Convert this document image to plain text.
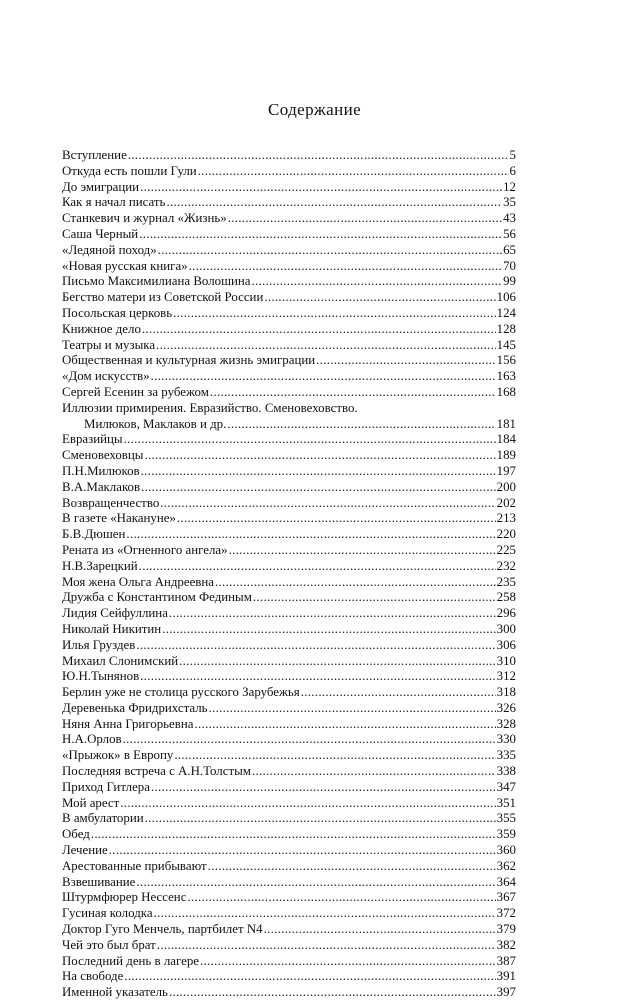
Содержание
Вступление .....	5
Откуда есть пошли Гули .....	6
До эмиграции .....	12
Как я начал писать .....	35
Станкевич и журнал «Жизнь» .....	43
Саша Черный .....	56
«Ледяной поход» .....	65
«Новая русская книга» .....	70
Письмо Максимилиана Волошина .....	99
Бегство матери из Советской России .....	106
Посольская церковь .....	124
Книжное дело .....	128
Театры и музыка .....	145
Общественная и культурная жизнь эмиграции .....	156
«Дом искусств» .....	163
Сергей Есенин за рубежом .....	168
Иллюзии примирения. Евразийство. Сменовеховство.
Милюков, Маклаков и др. .....	181
Евразийцы .....	184
Сменовеховцы .....	189
П.Н.Милюков .....	197
В.А.Маклаков .....	200
Возвращенчество .....	202
В газете «Накануне» .....	213
Б.В.Дюшен .....	220
Рената из «Огненного ангела» .....	225
Н.В.Зарецкий .....	232
Моя жена Ольга Андреевна .....	235
Дружба с Константином Фединым .....	258
Лидия Сейфуллина .....	296
Николай Никитин .....	300
Илья Груздев .....	306
Михаил Слонимский .....	310
Ю.Н.Тынянов .....	312
Берлин уже не столица русского Зарубежья .....	318
Деревенька Фридрихсталь .....	326
Няня Анна Григорьевна .....	328
Н.А.Орлов .....	330
«Прыжок» в Европу .....	335
Последняя встреча с А.Н.Толстым .....	338
Приход Гитлера .....	347
Мой арест .....	351
В амбулатории .....	355
Обед .....	359
Лечение .....	360
Арестованные прибывают .....	362
Взвешивание .....	364
Штурмфюрер Нессенс .....	367
Гусиная колодка .....	372
Доктор Гуго Менчель, партбилет N4 .....	379
Чей это был брат .....	382
Последний день в лагере .....	387
На свободе .....	391
Именной указатель .....	397
